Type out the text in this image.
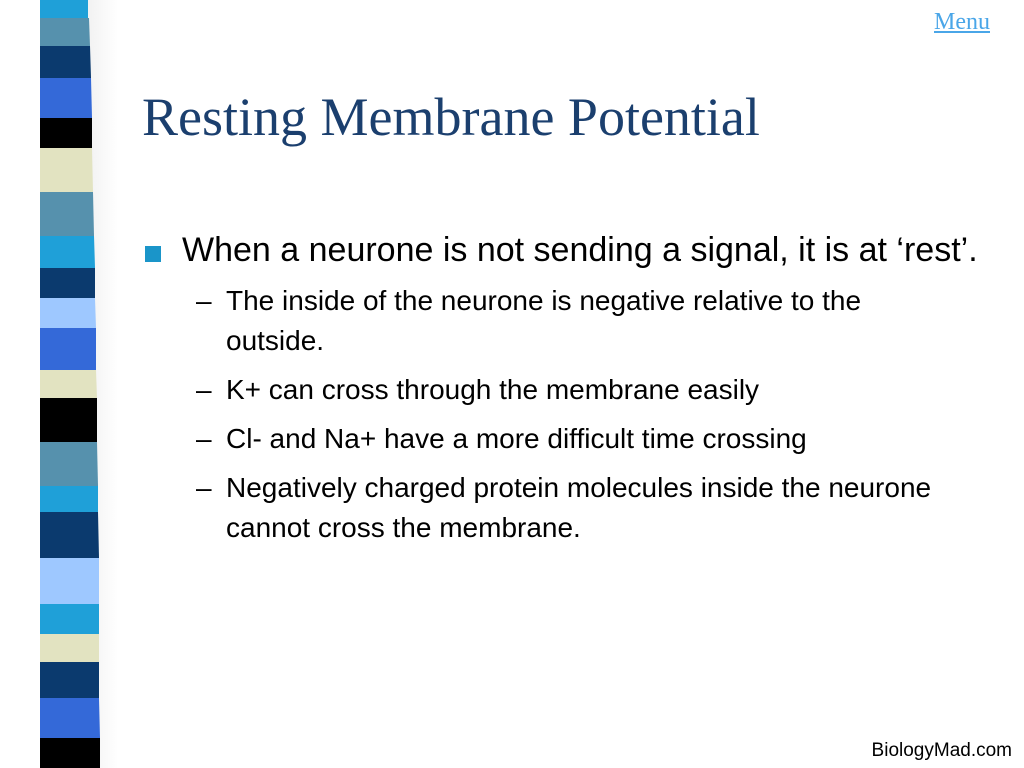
Menu
Resting Membrane Potential
When a neurone is not sending a signal, it is at ‘rest’.
– The inside of the neurone is negative relative to the outside.
– K+ can cross through the membrane easily
– Cl- and Na+ have a more difficult time crossing
– Negatively charged protein molecules inside the neurone cannot cross the membrane.
BiologyMad.com
